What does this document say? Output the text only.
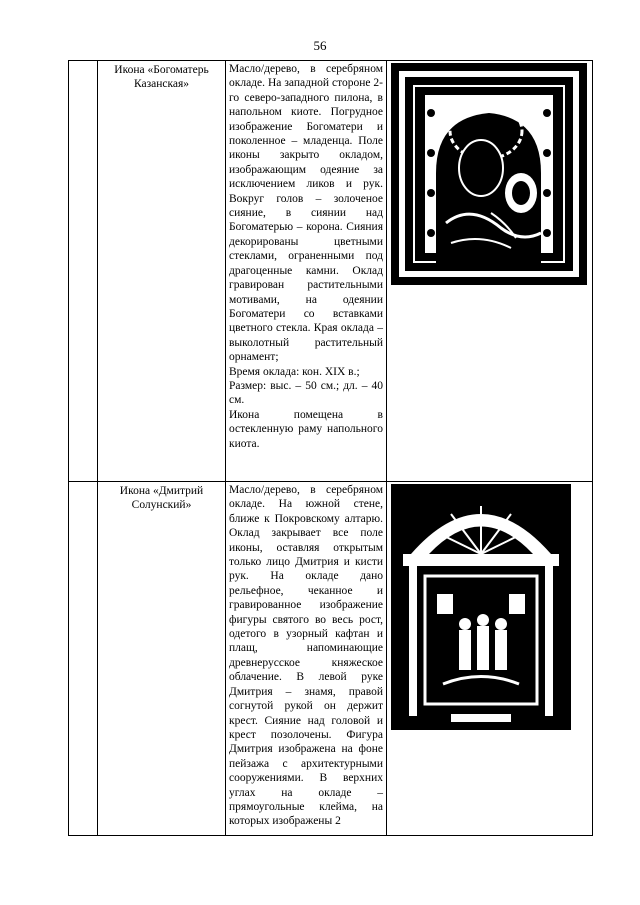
56

	Икона «Богоматерь Казанская»	Масло/дерево, в серебряном окладе. На западной стороне 2-го северо-западного пилона, в напольном киоте. Погрудное изображение Богоматери и поколенное – младенца. Поле иконы закрыто окладом, изображающим одеяние за исключением ликов и рук. Вокруг голов – золоченое сияние, в сиянии над Богоматерью – корона. Сияния декорированы цветными стеклами, ограненными под драгоценные камни. Оклад гравирован растительными мотивами, на одеянии Богоматери со вставками цветного стекла. Края оклада – выколотный растительный орнамент;

Время оклада: кон. XIX в.;

Размер: выс. – 50 см.; дл. – 40 см.

Икона помещена в остекленную раму напольного киота.

	Икона «Дмитрий Солунский»	Масло/дерево, в серебряном окладе. На южной стене, ближе к Покровскому алтарю. Оклад закрывает все поле иконы, оставляя открытым только лицо Дмитрия и кисти рук. На окладе дано рельефное, чеканное и гравированное изображение фигуры святого во весь рост, одетого в узорный кафтан и плащ, напоминающие древнерусское княжеское облачение. В левой руке Дмитрия – знамя, правой согнутой рукой он держит крест. Сияние над головой и крест позолочены. Фигура Дмитрия изображена на фоне пейзажа с архитектурными сооружениями. В верхних углах на окладе – прямоугольные клейма, на которых изображены 2
